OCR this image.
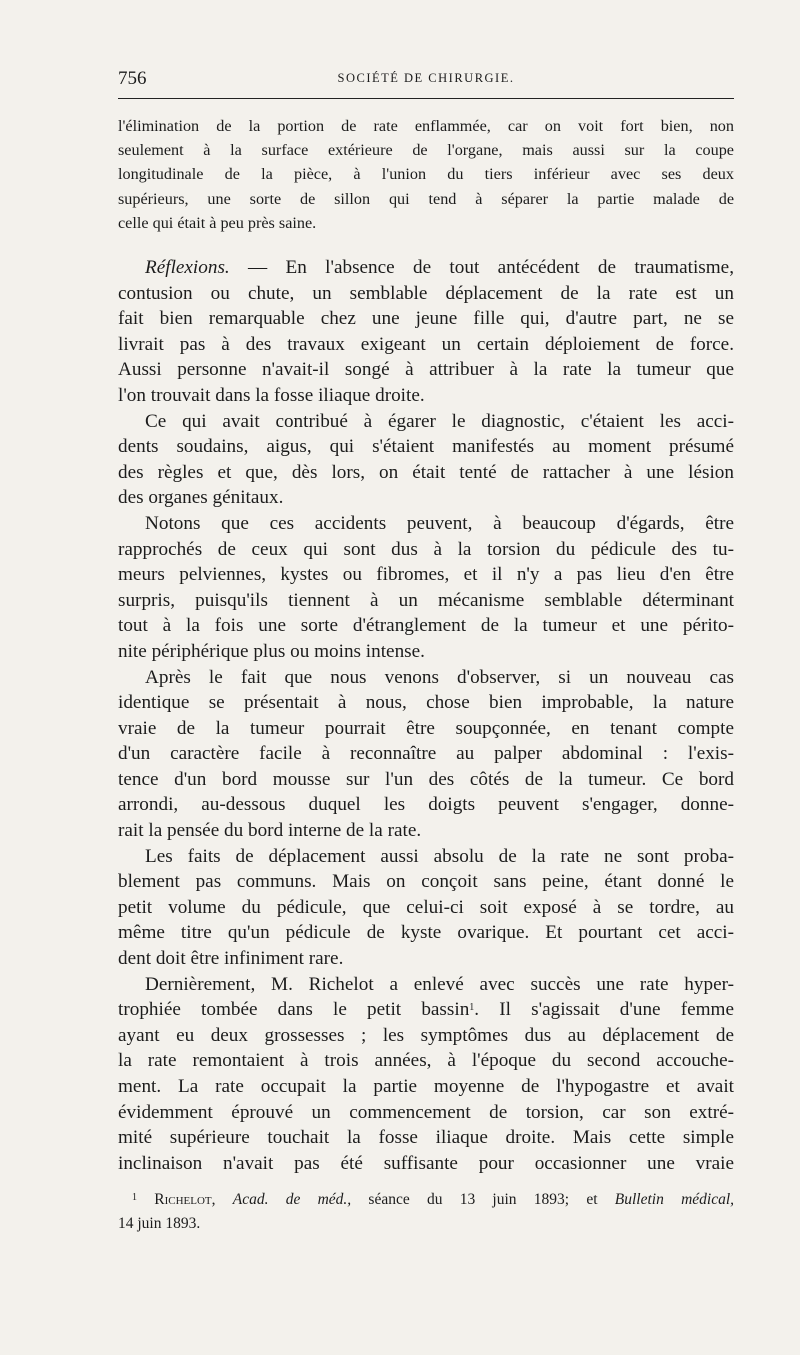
756	SOCIÉTÉ DE CHIRURGIE.
l'élimination de la portion de rate enflammée, car on voit fort bien, non
seulement à la surface extérieure de l'organe, mais aussi sur la coupe
longitudinale de la pièce, à l'union du tiers inférieur avec ses deux
supérieurs, une sorte de sillon qui tend à séparer la partie malade de
celle qui était à peu près saine.
Réflexions. — En l'absence de tout antécédent de traumatisme,
contusion ou chute, un semblable déplacement de la rate est un
fait bien remarquable chez une jeune fille qui, d'autre part, ne se
livrait pas à des travaux exigeant un certain déploiement de force.
Aussi personne n'avait-il songé à attribuer à la rate la tumeur que
l'on trouvait dans la fosse iliaque droite.
Ce qui avait contribué à égarer le diagnostic, c'étaient les acci-
dents soudains, aigus, qui s'étaient manifestés au moment présumé
des règles et que, dès lors, on était tenté de rattacher à une lésion
des organes génitaux.
Notons que ces accidents peuvent, à beaucoup d'égards, être
rapprochés de ceux qui sont dus à la torsion du pédicule des tu-
meurs pelviennes, kystes ou fibromes, et il n'y a pas lieu d'en être
surpris, puisqu'ils tiennent à un mécanisme semblable déterminant
tout à la fois une sorte d'étranglement de la tumeur et une périto-
nite périphérique plus ou moins intense.
Après le fait que nous venons d'observer, si un nouveau cas
identique se présentait à nous, chose bien improbable, la nature
vraie de la tumeur pourrait être soupçonnée, en tenant compte
d'un caractère facile à reconnaître au palper abdominal : l'exis-
tence d'un bord mousse sur l'un des côtés de la tumeur. Ce bord
arrondi, au-dessous duquel les doigts peuvent s'engager, donne-
rait la pensée du bord interne de la rate.
Les faits de déplacement aussi absolu de la rate ne sont proba-
blement pas communs. Mais on conçoit sans peine, étant donné le
petit volume du pédicule, que celui-ci soit exposé à se tordre, au
même titre qu'un pédicule de kyste ovarique. Et pourtant cet acci-
dent doit être infiniment rare.
Dernièrement, M. Richelot a enlevé avec succès une rate hyper-
trophiée tombée dans le petit bassin$^1$. Il s'agissait d'une femme
ayant eu deux grossesses ; les symptômes dus au déplacement de
la rate remontaient à trois années, à l'époque du second accouche-
ment. La rate occupait la partie moyenne de l'hypogastre et avait
évidemment éprouvé un commencement de torsion, car son extré-
mité supérieure touchait la fosse iliaque droite. Mais cette simple
inclinaison n'avait pas été suffisante pour occasionner une vraie
$^1$ Richelot, Acad. de méd., séance du 13 juin 1893; et Bulletin médical,
14 juin 1893.
